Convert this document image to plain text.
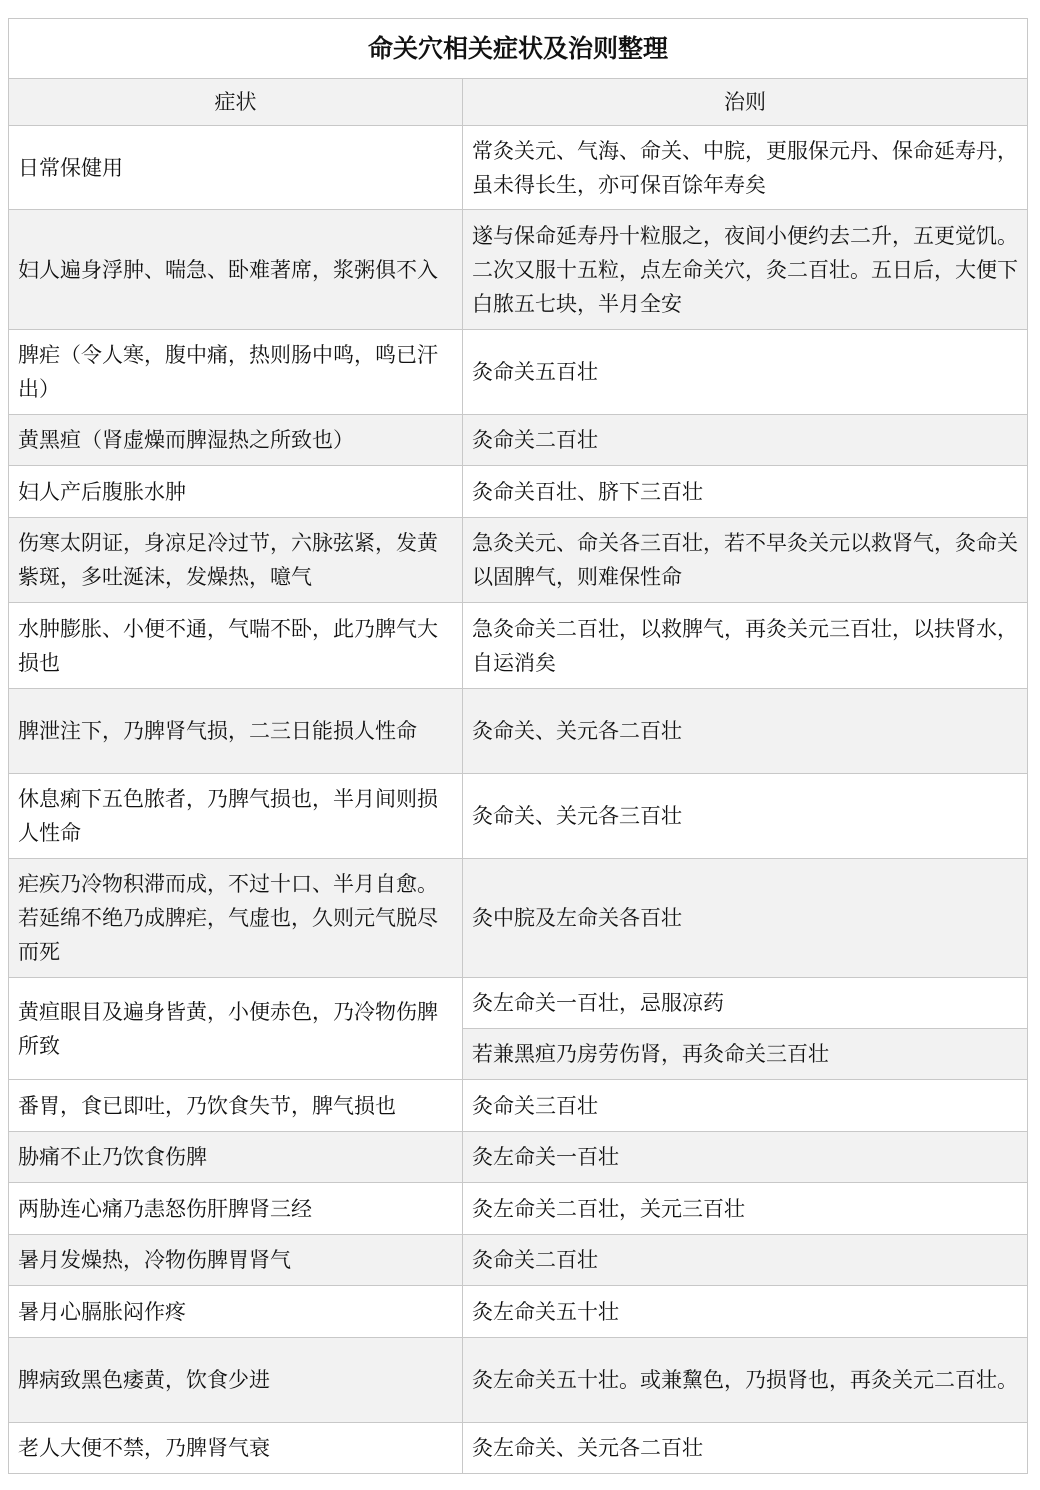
命关穴相关症状及治则整理	
症状	治则
日常保健用	常灸关元、气海、命关、中脘，更服保元丹、保命延寿丹，虽未得长生，亦可保百馀年寿矣
妇人遍身浮肿、喘急、卧难著席，浆粥俱不入	遂与保命延寿丹十粒服之，夜间小便约去二升，五更觉饥。二次又服十五粒，点左命关穴，灸二百壮。五日后，大便下白脓五七块，半月全安
脾疟（令人寒，腹中痛，热则肠中鸣，鸣已汗出）	灸命关五百壮
黄黑疸（肾虚燥而脾湿热之所致也）	灸命关二百壮
妇人产后腹胀水肿	灸命关百壮、脐下三百壮
伤寒太阴证，身凉足冷过节，六脉弦紧，发黄紫斑，多吐涎沫，发燥热，噫气	急灸关元、命关各三百壮，若不早灸关元以救肾气，灸命关以固脾气，则难保性命
水肿膨胀、小便不通，气喘不卧，此乃脾气大损也	急灸命关二百壮，以救脾气，再灸关元三百壮，以扶肾水，自运消矣
脾泄注下，乃脾肾气损，二三日能损人性命	灸命关、关元各二百壮
休息痢下五色脓者，乃脾气损也，半月间则损人性命	灸命关、关元各三百壮
疟疾乃冷物积滞而成，不过十口、半月自愈。若延绵不绝乃成脾疟，气虚也，久则元气脱尽而死	灸中脘及左命关各百壮
黄疸眼目及遍身皆黄，小便赤色，乃冷物伤脾所致	灸左命关一百壮，忌服凉药
	若兼黑疸乃房劳伤肾，再灸命关三百壮
番胃，食已即吐，乃饮食失节，脾气损也	灸命关三百壮
胁痛不止乃饮食伤脾	灸左命关一百壮
两胁连心痛乃恚怒伤肝脾肾三经	灸左命关二百壮，关元三百壮
暑月发燥热，冷物伤脾胃肾气	灸命关二百壮
暑月心膈胀闷作疼	灸左命关五十壮
脾病致黑色痿黄，饮食少进	灸左命关五十壮。或兼黧色，乃损肾也，再灸关元二百壮。
老人大便不禁，乃脾肾气衰	灸左命关、关元各二百壮
